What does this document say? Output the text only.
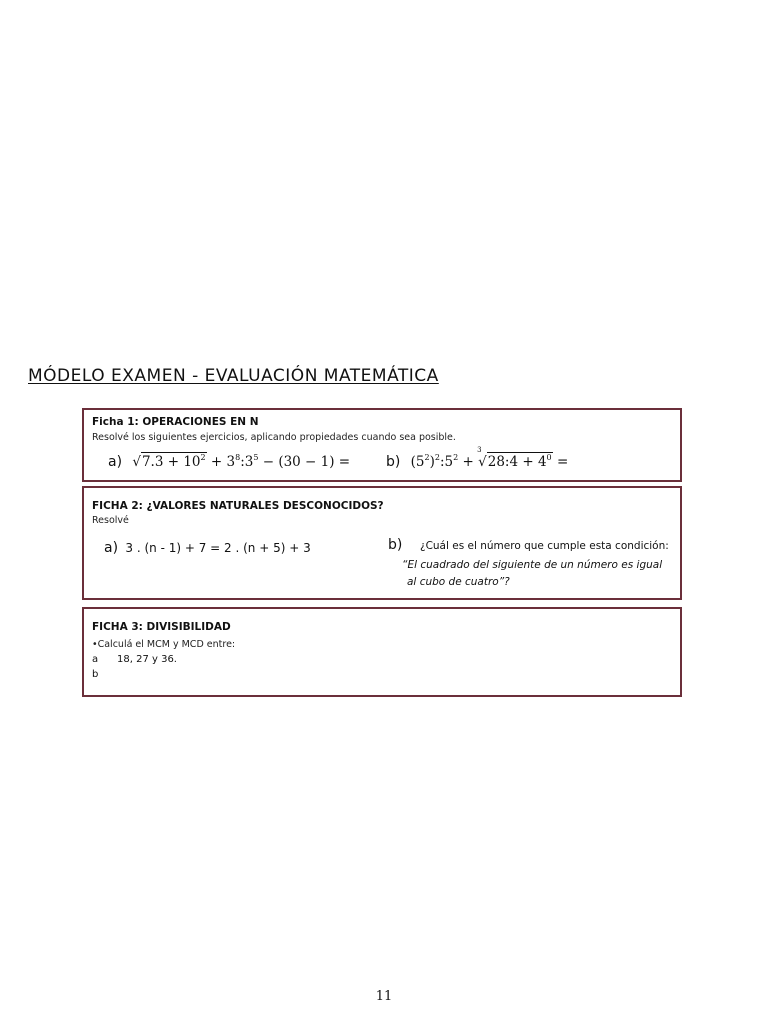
MÓDELO EXAMEN - EVALUACIÓN MATEMÁTICA
Ficha 1: OPERACIONES EN N
Resolvé los siguientes ejercicios, aplicando propiedades cuando sea posible.
a) $√7.3 + 10^2$ + $3^8:3^5 - (30 - 1)$ =	b) $(5^2)^2:5^2$ +
3
√28:4 + $4^0$ =
FICHA 2: ¿VALORES NATURALES DESCONOCIDOS?
Resolvé
a) 3 . (n - 1) + 7 = 2 . (n + 5) + 3	b) ¿Cuál es el número que cumple esta condición:
“El cuadrado del siguiente de un número es igual
al cubo de cuatro”?
FICHA 3: DIVISIBILIDAD
•Calculá el MCM y MCD entre:
a 18, 27 y 36.
b
11
